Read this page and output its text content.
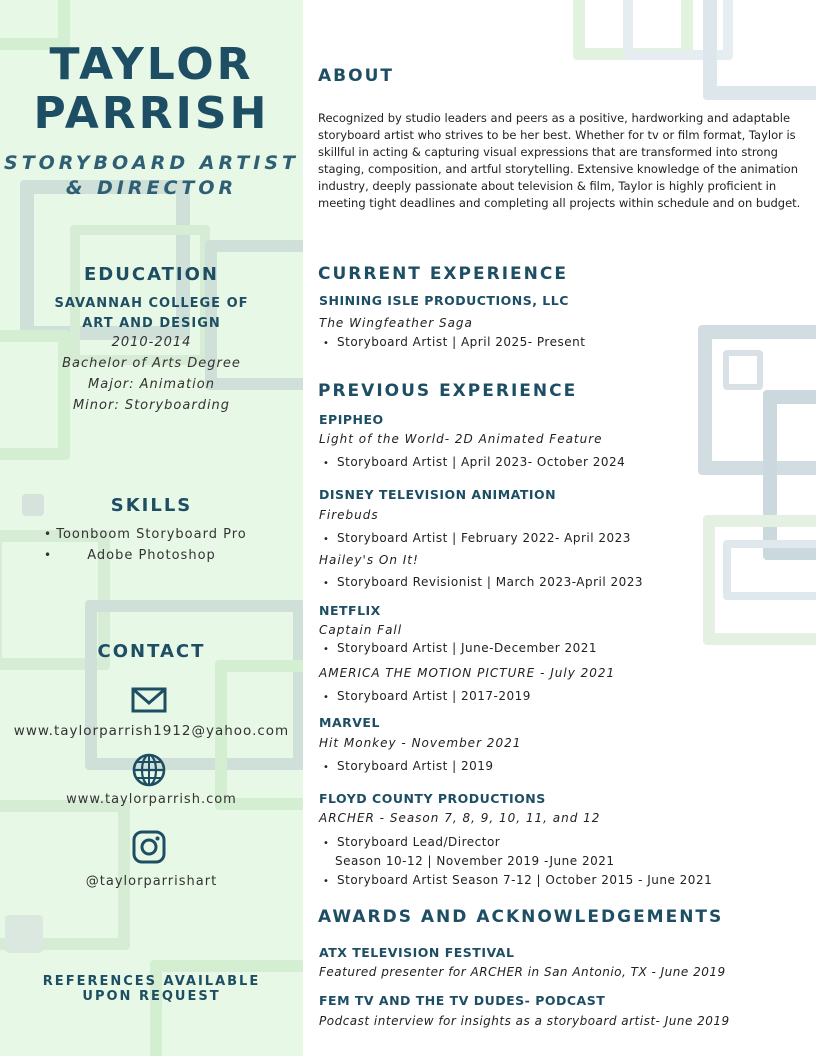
TAYLOR
PARRISH

STORYBOARD ARTIST

& DIRECTOR

EDUCATION
SAVANNAH COLLEGE OF
ART AND DESIGN
2010-2014
Bachelor of Arts Degree
Major: Animation
Minor: Storyboarding
SKILLS
• Toonboom Storyboard Pro
• Adobe Photoshop
CONTACT
www.taylorparrish1912@yahoo.com
www.taylorparrish.com
@taylorparrishart
REFERENCES AVAILABLE
UPON REQUEST
ABOUT

Recognized by studio leaders and peers as a positive, hardworking and adaptable storyboard artist who strives to be her best. Whether for tv or film format, Taylor is skillful in acting & capturing visual expressions that are transformed into strong staging, composition, and artful storytelling. Extensive knowledge of the animation industry, deeply passionate about television & film, Taylor is highly proficient in meeting tight deadlines and completing all projects within schedule and on budget.

CURRENT EXPERIENCE
SHINING ISLE PRODUCTIONS, LLC
The Wingfeather Saga
• Storyboard Artist | April 2025- Present
PREVIOUS EXPERIENCE
EPIPHEO
Light of the World- 2D Animated Feature
• Storyboard Artist | April 2023- October 2024
DISNEY TELEVISION ANIMATION
Firebuds
• Storyboard Artist | February 2022- April 2023
Hailey's On It!
• Storyboard Revisionist | March 2023-April 2023
NETFLIX
Captain Fall
• Storyboard Artist | June-December 2021
AMERICA THE MOTION PICTURE - July 2021
• Storyboard Artist | 2017-2019
MARVEL
Hit Monkey - November 2021
• Storyboard Artist | 2019
FLOYD COUNTY PRODUCTIONS
ARCHER - Season 7, 8, 9, 10, 11, and 12
• Storyboard Lead/Director
Season 10-12 | November 2019 -June 2021
• Storyboard Artist Season 7-12 | October 2015 - June 2021
AWARDS AND ACKNOWLEDGEMENTS
ATX TELEVISION FESTIVAL
Featured presenter for ARCHER in San Antonio, TX - June 2019
FEM TV AND THE TV DUDES- PODCAST
Podcast interview for insights as a storyboard artist- June 2019
